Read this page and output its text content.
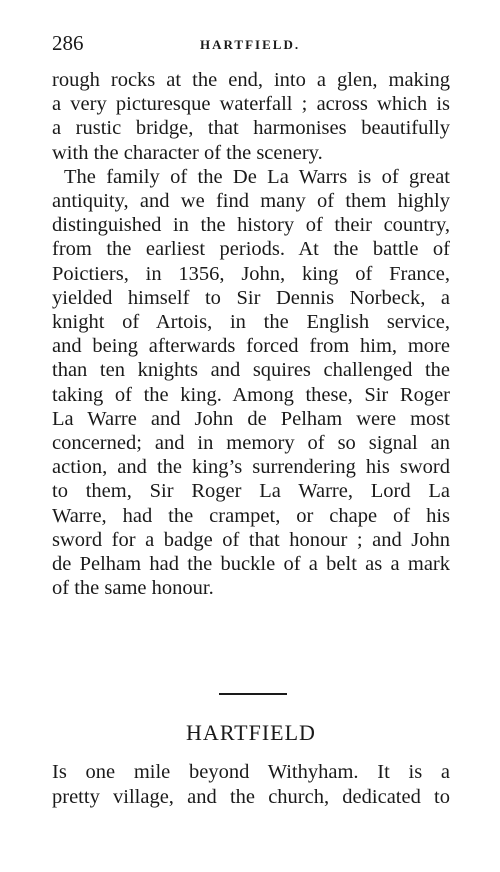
286	HARTFIELD.

rough rocks at the end, into a glen, making
a very picturesque waterfall ; across which is
a rustic bridge, that harmonises beautifully
with the character of the scenery.

The family of the De La Warrs is of great
antiquity, and we find many of them highly
distinguished in the history of their country,
from the earliest periods. At the battle of
Poictiers, in 1356, John, king of France,
yielded himself to Sir Dennis Norbeck, a
knight of Artois, in the English service,
and being afterwards forced from him, more
than ten knights and squires challenged the
taking of the king. Among these, Sir Roger
La Warre and John de Pelham were most
concerned; and in memory of so signal an
action, and the king’s surrendering his sword
to them, Sir Roger La Warre, Lord La
Warre, had the crampet, or chape of his
sword for a badge of that honour ; and John
de Pelham had the buckle of a belt as a mark
of the same honour.

HARTFIELD
Is one mile beyond Withyham. It is a
pretty village, and the church, dedicated to
